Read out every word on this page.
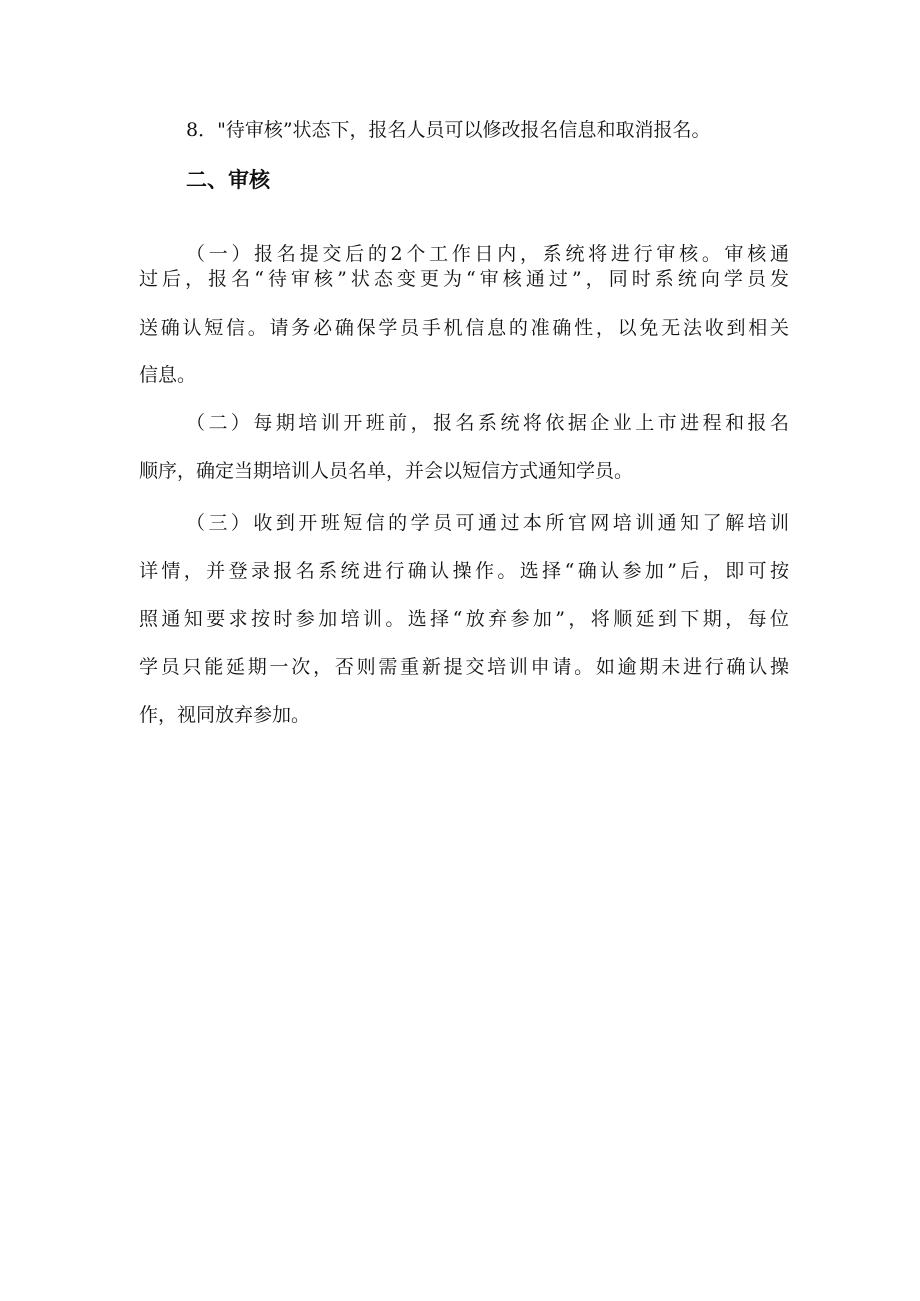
8．"待审核”状态下，报名人员可以修改报名信息和取消报名。
二、审核
（一）报名提交后的2个工作日内，系统将进行审核。审核通
过后，报名“待审核”状态变更为“审核通过”，同时系统向学员发
送确认短信。请务必确保学员手机信息的准确性，以免无法收到相关
信息。
（二）每期培训开班前，报名系统将依据企业上市进程和报名
顺序，确定当期培训人员名单，并会以短信方式通知学员。
（三）收到开班短信的学员可通过本所官网培训通知了解培训
详情，并登录报名系统进行确认操作。选择“确认参加”后，即可按
照通知要求按时参加培训。选择“放弃参加”，将顺延到下期，每位
学员只能延期一次，否则需重新提交培训申请。如逾期未进行确认操
作，视同放弃参加。
